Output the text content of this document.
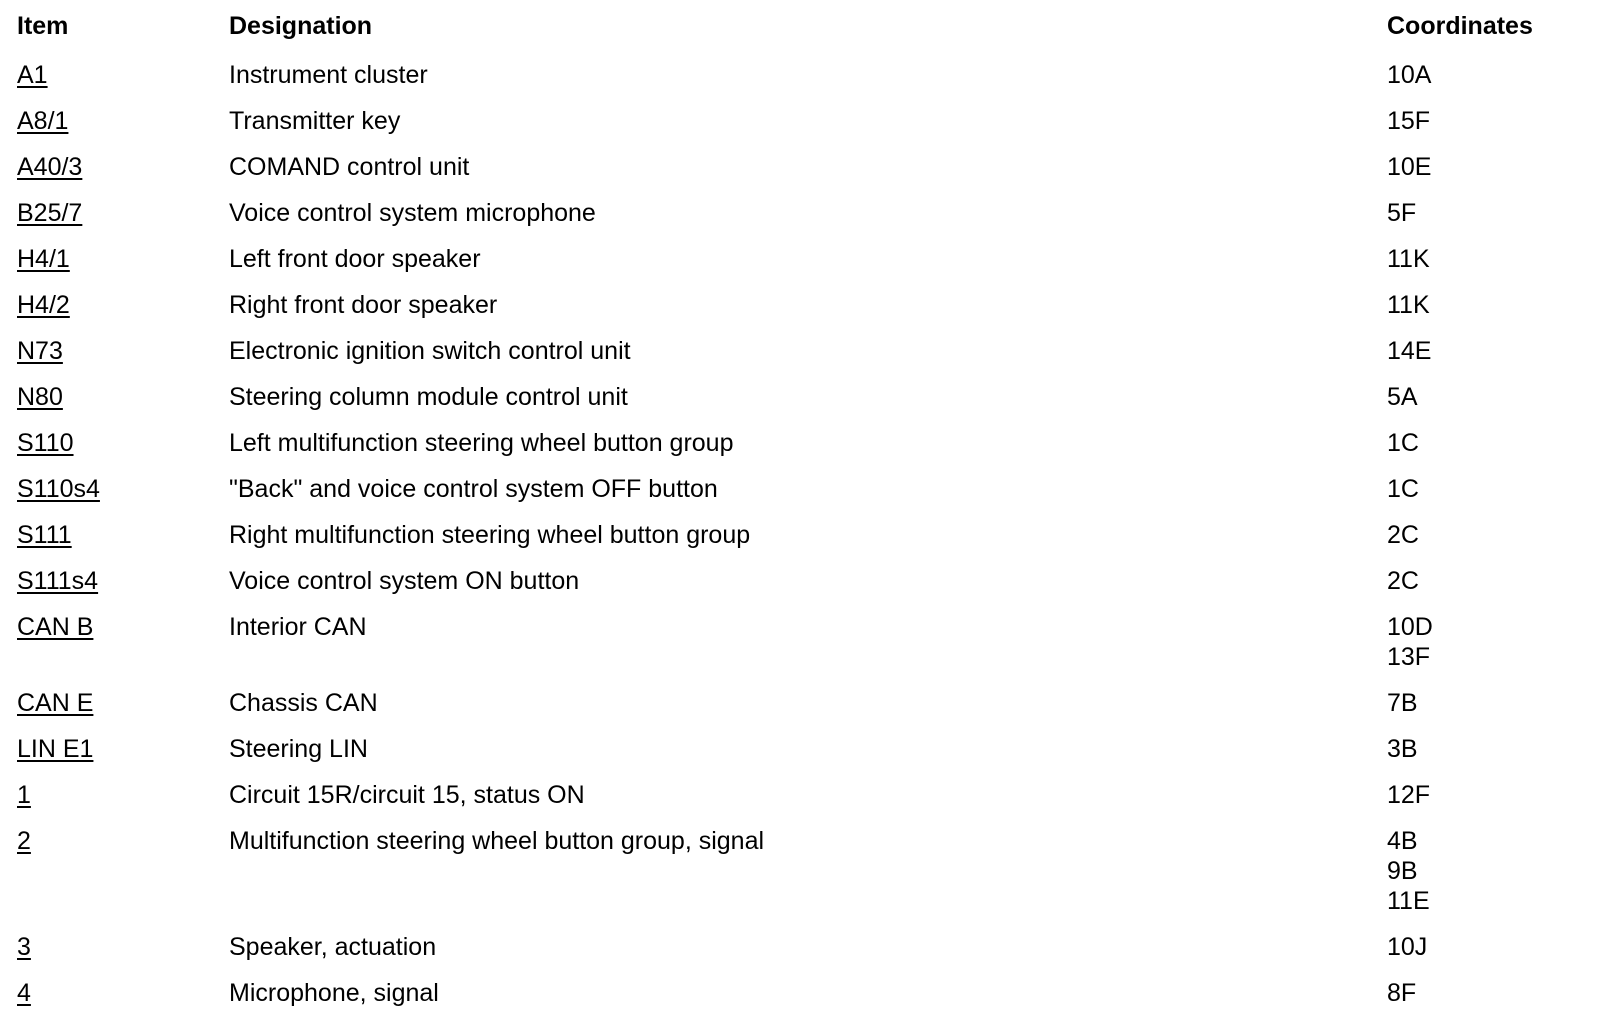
Item	Designation	Coordinates
A1	Instrument cluster	10A

A8/1	Transmitter key	15F

A40/3	COMAND control unit	10E

B25/7	Voice control system microphone	5F

H4/1	Left front door speaker	11K

H4/2	Right front door speaker	11K

N73	Electronic ignition switch control unit	14E

N80	Steering column module control unit	5A

S110	Left multifunction steering wheel button group	1C

S110s4	"Back" and voice control system OFF button	1C

S111	Right multifunction steering wheel button group	2C

S111s4	Voice control system ON button	2C

CAN B	Interior CAN	10D
13F

CAN E	Chassis CAN	7B

LIN E1	Steering LIN	3B

1	Circuit 15R/circuit 15, status ON	12F

2	Multifunction steering wheel button group, signal	4B
9B
11E

3	Speaker, actuation	10J

4	Microphone, signal	8F
